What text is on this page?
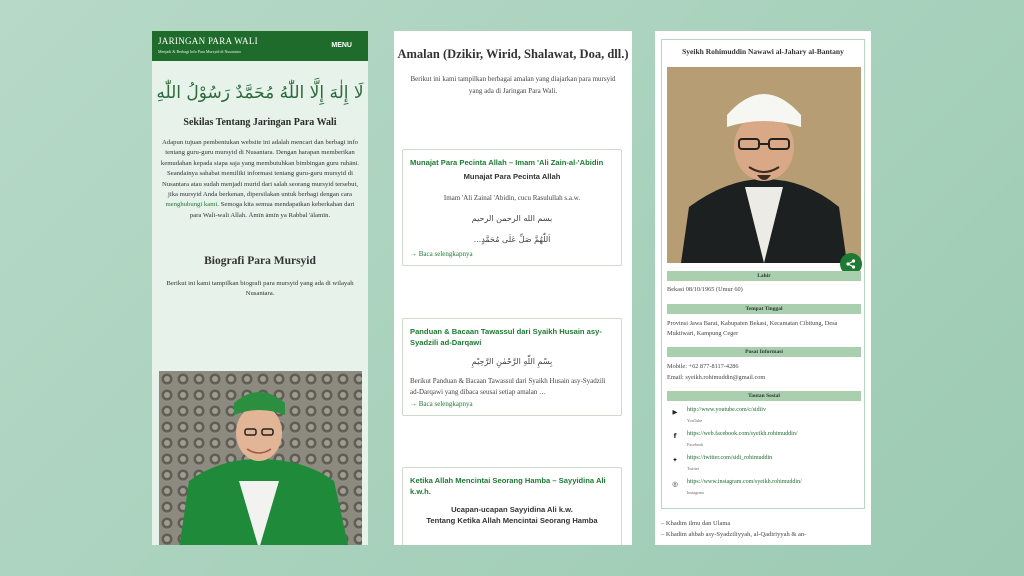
JARINGAN PARA WALI
Menjadi & Berbagi Info Para Mursyid di Nusantara
MENU
لَا إِلٰهَ إِلَّا اللّٰهُ مُحَمَّدٌ رَسُوْلُ اللّٰهِ
Sekilas Tentang Jaringan Para Wali
Adapun tujuan pembentukan website ini adalah mencari dan berbagi info tentang guru-guru mursyid di Nusantara. Dengan harapan memberikan kemudahan kepada siapa saja yang membutuhkan bimbingan guru ruhāni. Seandainya sahabat memiliki informasi tentang guru-guru mursyid di Nusantara atau sudah menjadi murid dari salah seorang mursyid tersebut, jika mursyid Anda berkenan, dipersilakan untuk berbagi dengan cara menghubungi kami. Semoga kita semua mendapatkan keberkahan dari para Wali-wali Allah. Āmīn āmīn ya Rabbal 'ālamīn.
Biografi Para Mursyid
Berikut ini kami tampilkan biografi para mursyid yang ada di wilayah Nusantara.
Amalan (Dzikir, Wirid, Shalawat, Doa, dll.)
Berikut ini kami tampilkan berbagai amalan yang diajarkan para mursyid yang ada di Jaringan Para Wali.
Munajat Para Pecinta Allah – Imam 'Ali Zain-al-'Abidin
Munajat Para Pecinta Allah
Imam 'Ali Zainal 'Abidin, cucu Rasulullah s.a.w.
بسم الله الرحمن الرحيم
...اَللّٰهُمَّ صَلِّ عَلَى مُحَمَّدٍ
→ Baca selengkapnya
Panduan & Bacaan Tawassul dari Syaikh Husain asy-Syadzili ad-Darqawi
بِسْمِ اللّٰهِ الرَّحْمٰنِ الرَّحِيْمِ
Berikut Panduan & Bacaan Tawassul dari Syaikh Husain asy-Syadzili ad-Darqawi yang dibaca seusai setiap amalan …
→ Baca selengkapnya
Ketika Allah Mencintai Seorang Hamba – Sayyidina Ali k.w.h.
Ucapan-ucapan Sayyidina Ali k.w.
Tentang Ketika Allah Mencintai Seorang Hamba
Syeikh Rohimuddin Nawawi al-Jahary al-Bantany
Lahir
Bekasi 08/10/1965 (Umur 60)
Tempat Tinggal
Provinsi Jawa Barat, Kabupaten Bekasi, Kecamatan Cibitung, Desa Muktiwari, Kampung Ceger
Pusat Informasi
Mobile: +62 877-8117-4286
Email: syeikh.rohimuddin@gmail.com
Tautan Sosial
▶ http://www.youtube.com/c/sidiiv
YouTube
f	https://web.facebook.com/syeikh.rohimuddin/
Facebook
✦ https://twitter.com/sidi_rohimuddin
Twitter
◎ https://www.instagram.com/syeikh.rohimuddin/
Instagram
– Khadim ilmu dan Ulama
– Khadim ahbab asy-Syadziliyyah, al-Qadiriyyah & an-
